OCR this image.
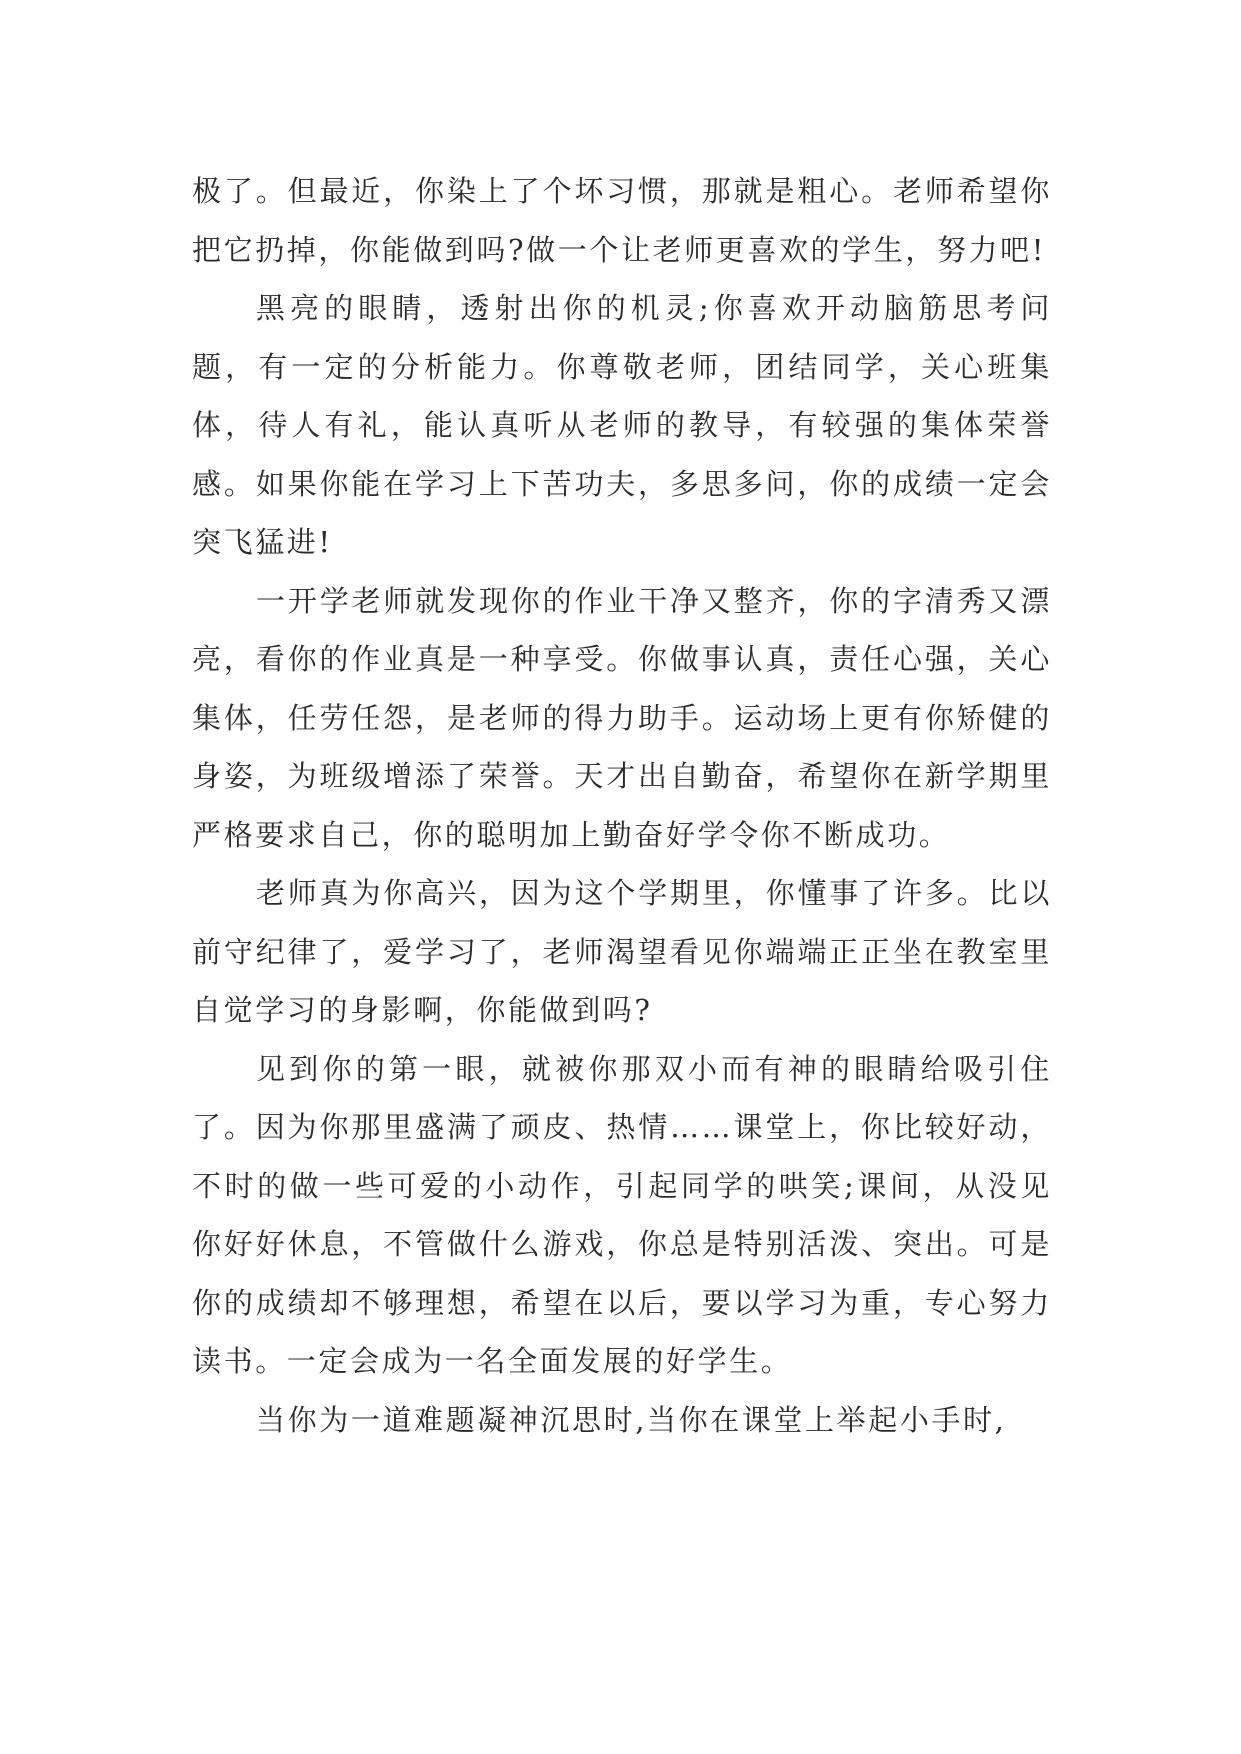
极了。但最近，你染上了个坏习惯，那就是粗心。老师希望你把它扔掉，你能做到吗?做一个让老师更喜欢的学生，努力吧!

黑亮的眼睛，透射出你的机灵;你喜欢开动脑筋思考问题，有一定的分析能力。你尊敬老师，团结同学，关心班集体，待人有礼，能认真听从老师的教导，有较强的集体荣誉感。如果你能在学习上下苦功夫，多思多问，你的成绩一定会突飞猛进!

一开学老师就发现你的作业干净又整齐，你的字清秀又漂亮，看你的作业真是一种享受。你做事认真，责任心强，关心集体，任劳任怨，是老师的得力助手。运动场上更有你矫健的身姿，为班级增添了荣誉。天才出自勤奋，希望你在新学期里严格要求自己，你的聪明加上勤奋好学令你不断成功。

老师真为你高兴，因为这个学期里，你懂事了许多。比以前守纪律了，爱学习了，老师渴望看见你端端正正坐在教室里自觉学习的身影啊，你能做到吗?

见到你的第一眼，就被你那双小而有神的眼睛给吸引住了。因为你那里盛满了顽皮、热情……课堂上，你比较好动，不时的做一些可爱的小动作，引起同学的哄笑;课间，从没见你好好休息，不管做什么游戏，你总是特别活泼、突出。可是你的成绩却不够理想，希望在以后，要以学习为重，专心努力读书。一定会成为一名全面发展的好学生。

当你为一道难题凝神沉思时,当你在课堂上举起小手时,
